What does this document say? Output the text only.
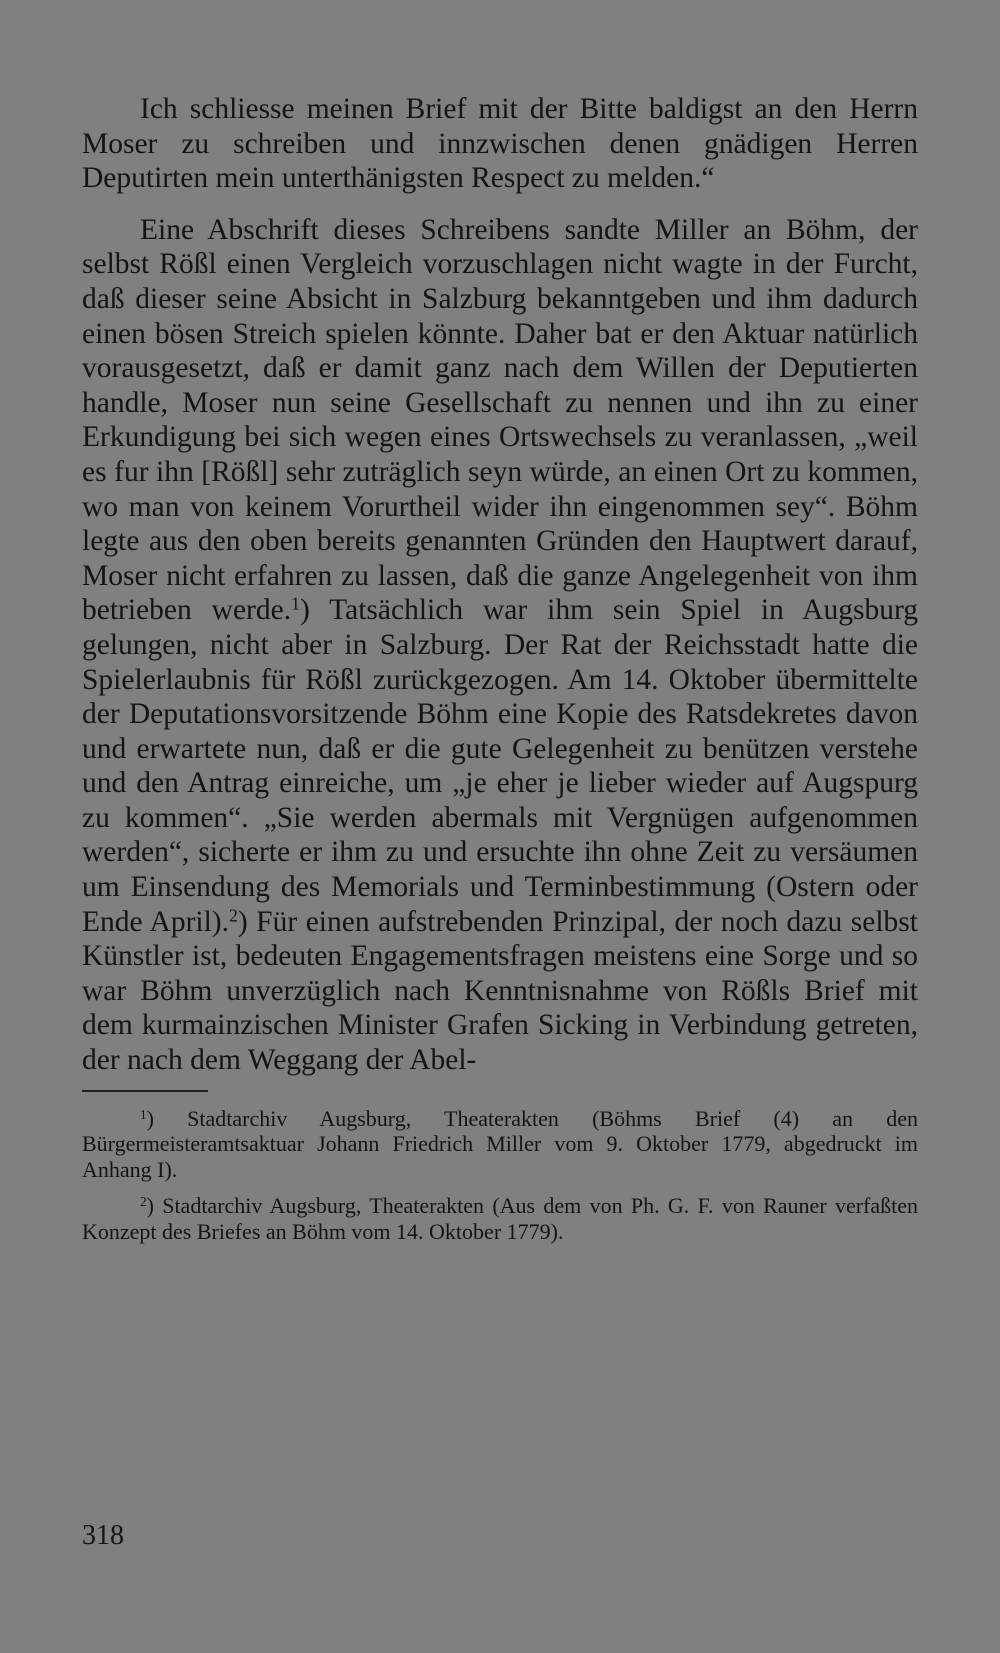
Ich schliesse meinen Brief mit der Bitte baldigst an den Herrn Moser zu schreiben und innzwischen denen gnädigen Herren Deputirten mein unterthänigsten Respect zu melden.“

Eine Abschrift dieses Schreibens sandte Miller an Böhm, der selbst Rößl einen Vergleich vorzuschlagen nicht wagte in der Furcht, daß dieser seine Absicht in Salzburg bekanntgeben und ihm dadurch einen bösen Streich spielen könnte. Daher bat er den Aktuar natürlich vorausgesetzt, daß er damit ganz nach dem Willen der Deputierten handle, Moser nun seine Gesellschaft zu nennen und ihn zu einer Erkundigung bei sich wegen eines Ortswechsels zu veranlassen, „weil es fur ihn [Rößl] sehr zuträglich seyn würde, an einen Ort zu kommen, wo man von keinem Vorurtheil wider ihn eingenommen sey“. Böhm legte aus den oben bereits genannten Gründen den Hauptwert darauf, Moser nicht erfahren zu lassen, daß die ganze Angelegenheit von ihm betrieben werde.$^1$) Tatsächlich war ihm sein Spiel in Augsburg gelungen, nicht aber in Salzburg. Der Rat der Reichsstadt hatte die Spielerlaubnis für Rößl zurückgezogen. Am 14. Oktober übermittelte der Deputationsvorsitzende Böhm eine Kopie des Ratsdekretes davon und erwartete nun, daß er die gute Gelegenheit zu benützen verstehe und den Antrag einreiche, um „je eher je lieber wieder auf Augspurg zu kommen“. „Sie werden abermals mit Vergnügen aufgenommen werden“, sicherte er ihm zu und ersuchte ihn ohne Zeit zu versäumen um Einsendung des Memorials und Terminbestimmung (Ostern oder Ende April).$^2$) Für einen aufstrebenden Prinzipal, der noch dazu selbst Künstler ist, bedeuten Engagementsfragen meistens eine Sorge und so war Böhm unverzüglich nach Kenntnisnahme von Rößls Brief mit dem kurmainzischen Minister Grafen Sicking in Verbindung getreten, der nach dem Weggang der Abel-

$^1$) Stadtarchiv Augsburg, Theaterakten (Böhms Brief (4) an den Bürgermeisteramtsaktuar Johann Friedrich Miller vom 9. Oktober 1779, abgedruckt im Anhang I).

$^2$) Stadtarchiv Augsburg, Theaterakten (Aus dem von Ph. G. F. von Rauner verfaßten Konzept des Briefes an Böhm vom 14. Oktober 1779).

318
